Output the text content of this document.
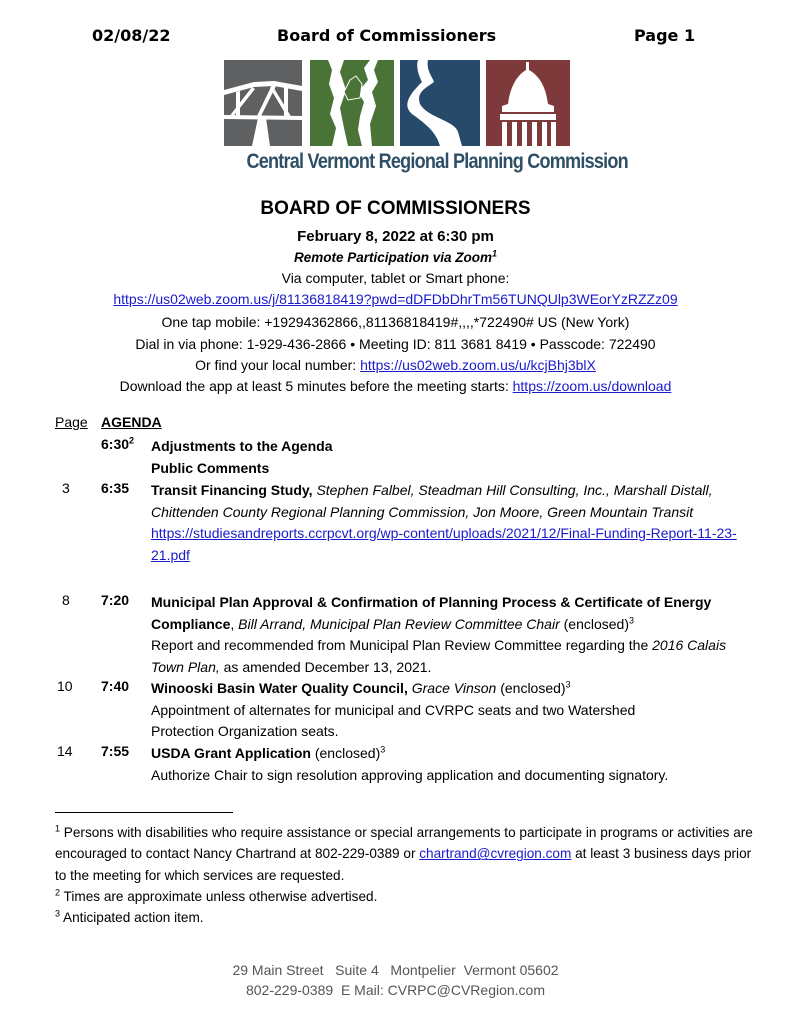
02/08/22	Board of Commissioners	Page 1
Central Vermont Regional Planning Commission
BOARD OF COMMISSIONERS
February 8, 2022 at 6:30 pm
Remote Participation via Zoom$^1$
Via computer, tablet or Smart phone:
https://us02web.zoom.us/j/81136818419?pwd=dDFDbDhrTm56TUNQUlp3WEorYzRZZz09
One tap mobile: +19294362866,,81136818419#,,,,*722490# US (New York)
Dial in via phone: 1-929-436-2866 • Meeting ID: 811 3681 8419 • Passcode: 722490
Or find your local number: https://us02web.zoom.us/u/kcjBhj3blX
Download the app at least 5 minutes before the meeting starts: https://zoom.us/download
Page AGENDA
$6:30^2$ Adjustments to the Agenda
Public Comments
3	6:35 Transit Financing Study, Stephen Falbel, Steadman Hill Consulting, Inc., Marshall Distall, Chittenden County Regional Planning Commission, Jon Moore, Green Mountain Transit
https://studiesandreports.ccrpcvt.org/wp-content/uploads/2021/12/Final-Funding-Report-11-23-21.pdf
8	7:20 Municipal Plan Approval & Confirmation of Planning Process & Certificate of Energy Compliance, Bill Arrand, Municipal Plan Review Committee Chair (enclosed)$^3$
Report and recommended from Municipal Plan Review Committee regarding the 2016 Calais Town Plan, as amended December 13, 2021.
10	7:40 Winooski Basin Water Quality Council, Grace Vinson (enclosed)$^3$
Appointment of alternates for municipal and CVRPC seats and two Watershed Protection Organization seats.
14	7:55 USDA Grant Application (enclosed)$^3$
Authorize Chair to sign resolution approving application and documenting signatory.
$^1$ Persons with disabilities who require assistance or special arrangements to participate in programs or activities are encouraged to contact Nancy Chartrand at 802-229-0389 or chartrand@cvregion.com at least 3 business days prior to the meeting for which services are requested.
$^2$ Times are approximate unless otherwise advertised.
$^3$ Anticipated action item.
29 Main Street   Suite 4   Montpelier  Vermont 05602
802-229-0389  E Mail: CVRPC@CVRegion.com
